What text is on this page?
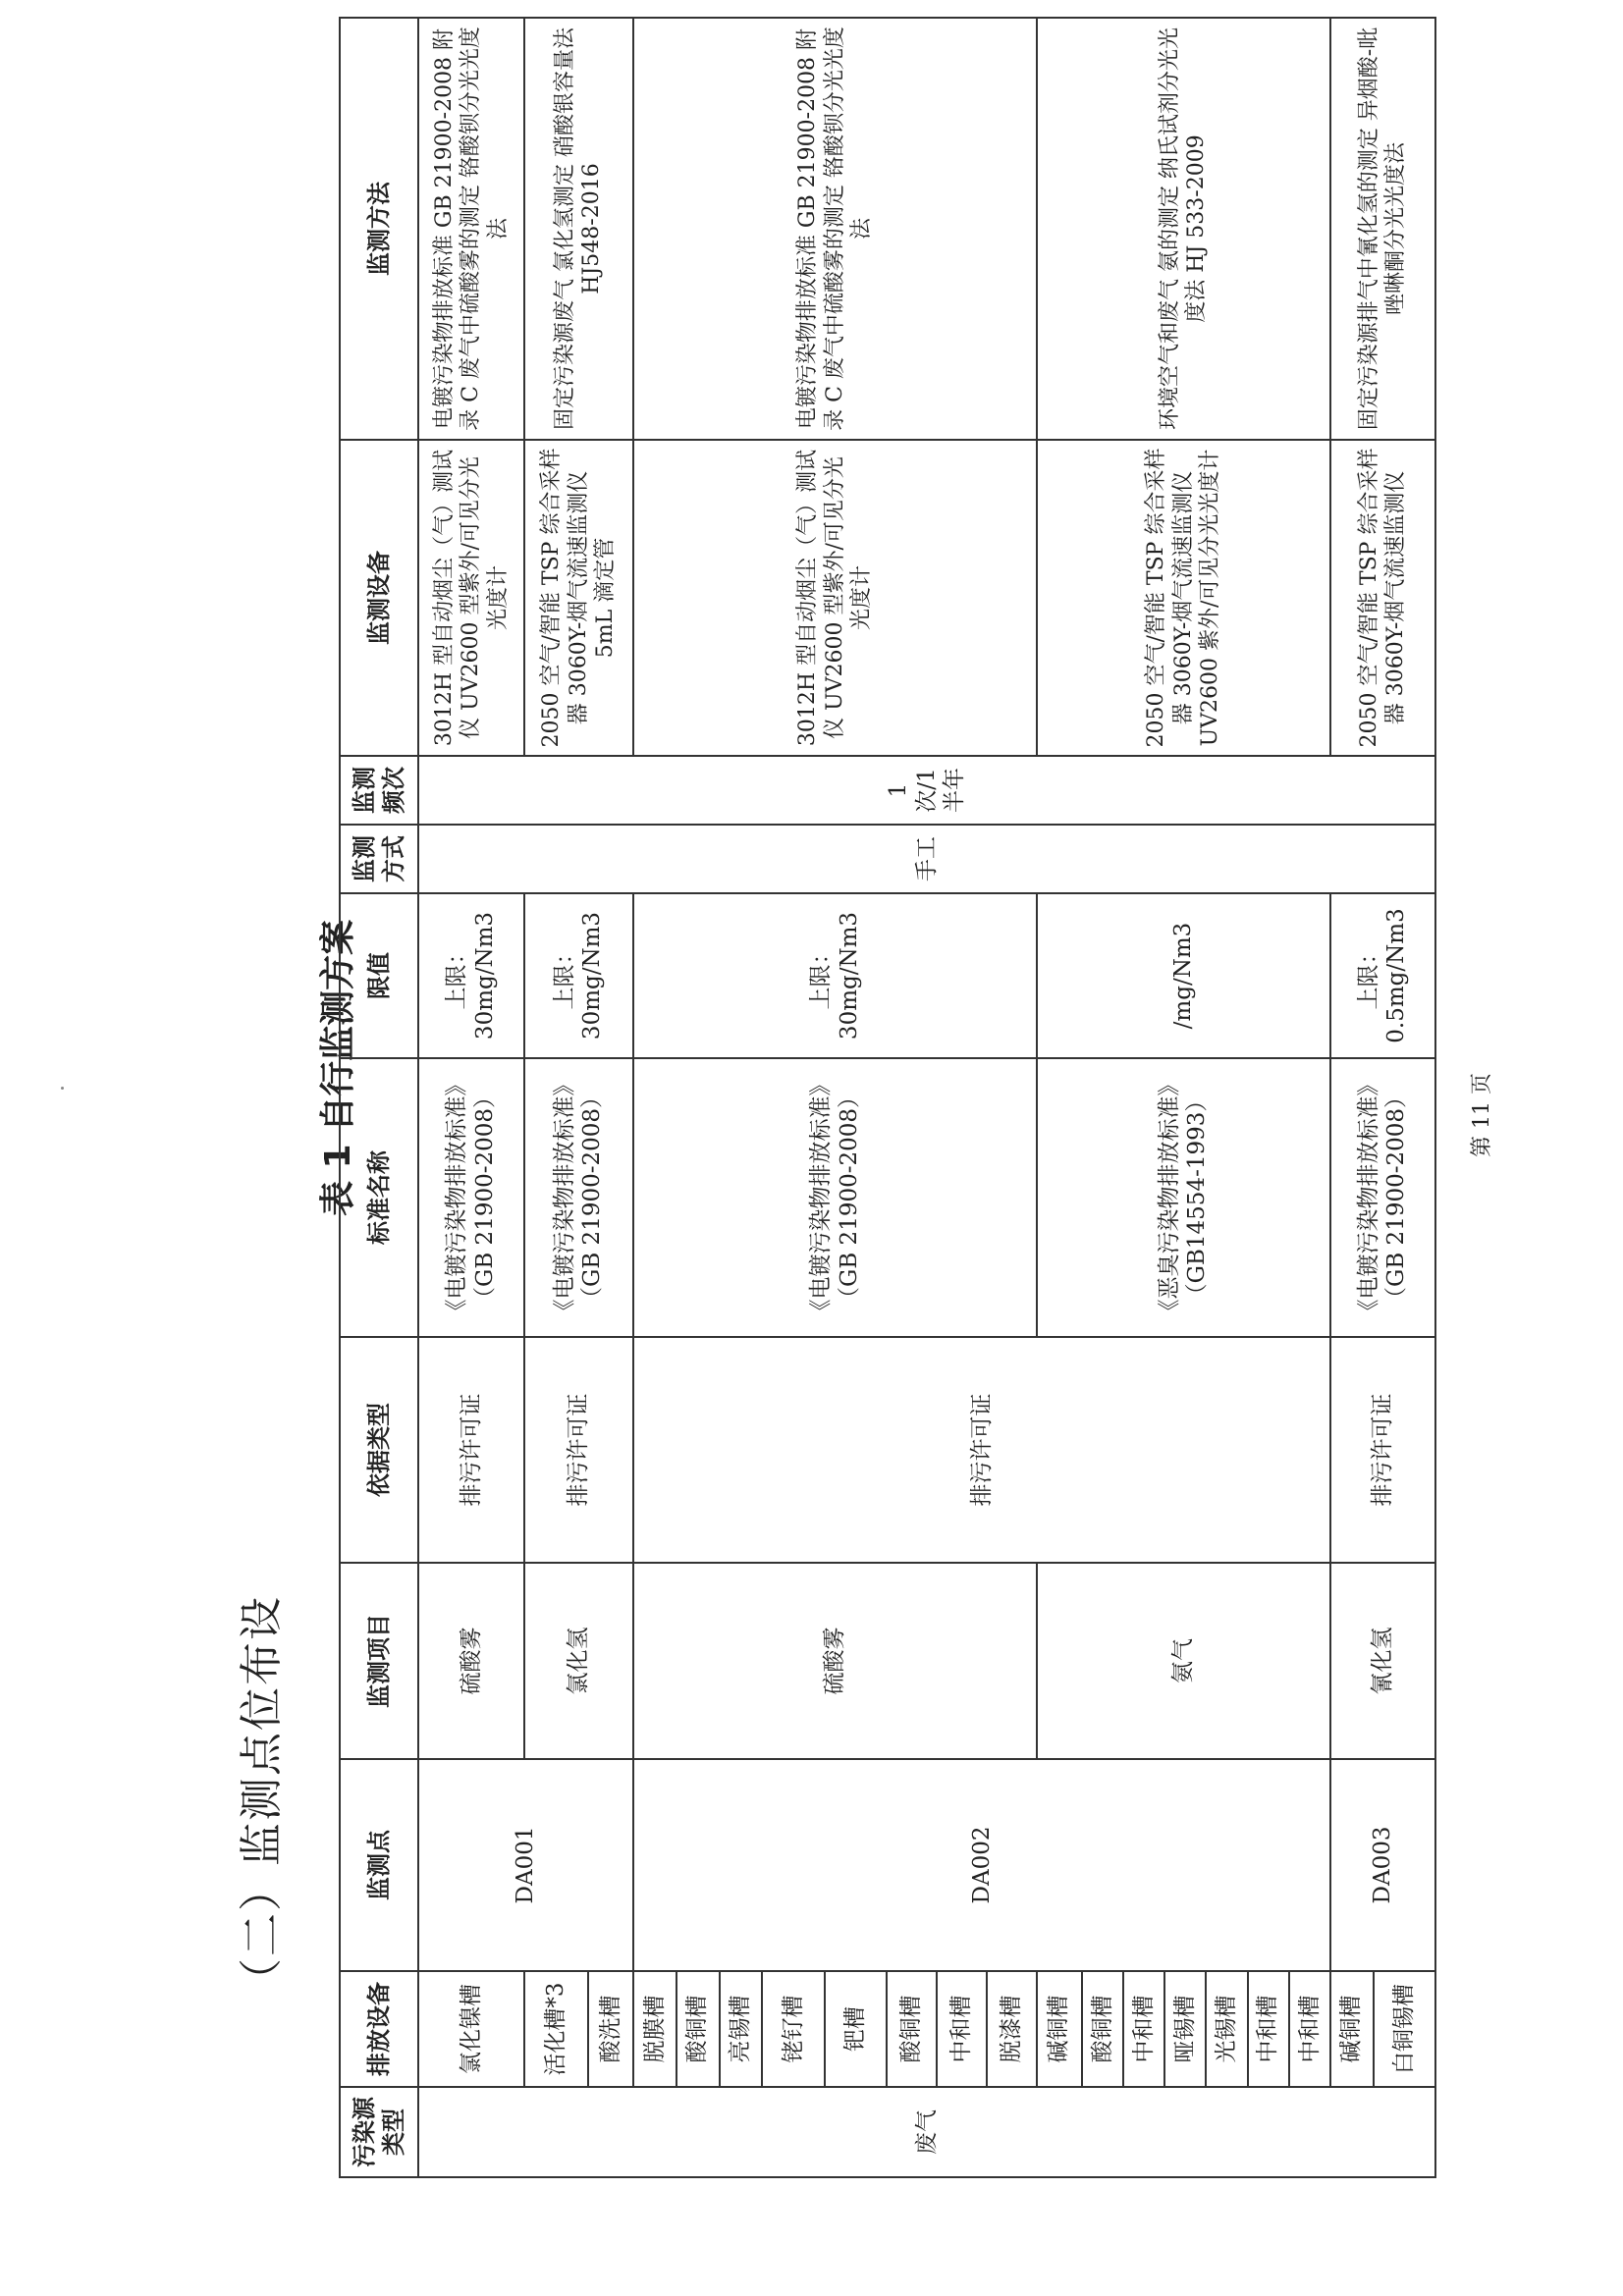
（二）监测点位布设
表 1 自行监测方案
污染源类型	排放设备	监测点	监测项目	依据类型	标准名称	限值	监测方式	监测频次	监测设备	监测方法
废气	氯化镍槽	DA001	硫酸雾	排污许可证	《电镀污染物排放标准》（GB 21900-2008）	上限：30mg/Nm3	手工	1 次/1 半年	3012H 型自动烟尘（气）测试仪 UV2600 型紫外/可见分光光度计	电镀污染物排放标准 GB 21900-2008 附录 C 废气中硫酸雾的测定 铬酸钡分光光度法
	活化槽*3		氯化氢	排污许可证	《电镀污染物排放标准》（GB 21900-2008）	上限：30mg/Nm3			2050 空气/智能 TSP 综合采样器 3060Y-烟气流速监测仪 5mL 滴定管	固定污染源废气 氯化氢测定 硝酸银容量法 HJ548-2016
	酸洗槽									
	脱膜槽	DA002	硫酸雾	排污许可证	《电镀污染物排放标准》（GB 21900-2008）	上限：30mg/Nm3			3012H 型自动烟尘（气）测试仪 UV2600 型紫外/可见分光光度计	电镀污染物排放标准 GB 21900-2008 附录 C 废气中硫酸雾的测定 铬酸钡分光光度法
	酸铜槽									
	亮锡槽									
	铑钌槽									
	钯槽									
	酸铜槽									
	中和槽									
	脱漆槽									
	碱铜槽		氨气		《恶臭污染物排放标准》（GB14554-1993）	/mg/Nm3			2050 空气/智能 TSP 综合采样器 3060Y-烟气流速监测仪 UV2600 紫外/可见分光光度计	环境空气和废气 氨的测定 纳氏试剂分光光度法 HJ 533-2009
	酸铜槽									
	中和槽									
	哑锡槽									
	光锡槽									
	中和槽									
	中和槽									
	碱铜槽	DA003	氰化氢	排污许可证	《电镀污染物排放标准》（GB 21900-2008）	上限：0.5mg/Nm3			2050 空气/智能 TSP 综合采样器 3060Y-烟气流速监测仪	固定污染源排气中氰化氢的测定 异烟酸-吡唑啉酮分光光度法
	白铜锡槽									
第 11 页
